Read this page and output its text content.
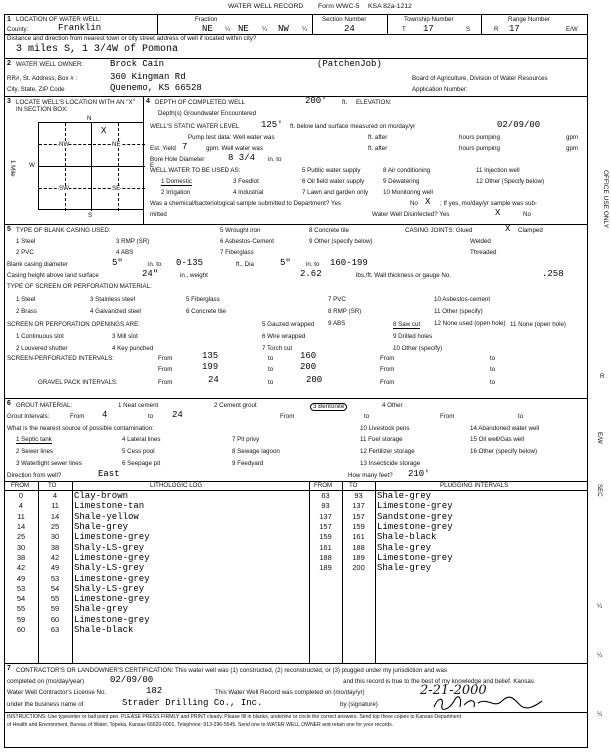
WATER WELL RECORD Form WWC-5 KSA 82a-1212
1 LOCATION OF WATER WELL:	Fraction	Section Number	Township Number	Range Number
County:	Franklin	NE ¼ NE ¼ NW ¼	24	T 17	S	R 17	E/W
Distance and direction from nearest town or city street address of well if located within city?
3 miles S, 1 3/4W of Pomona
2 WATER WELL OWNER:	Brock Cain	(PatchenJob)
RR#, St. Address, Box # :	360 Kingman Rd	Board of Agriculture, Division of Water Resources
City, State, ZIP Code	Quenemo, KS 66528	Application Number:
3 LOCATE WELL'S LOCATION WITH AN "X" IN SECTION BOX:
N
W	E
S
1 Mile
NW	NE
SW	SE
X
4 DEPTH OF COMPLETED WELL	200' ft. ELEVATION:
Depth(s) Groundwater Encountered
WELL'S STATIC WATER LEVEL 125' ft. below land surface measured on mo/day/yr	02/09/00
Pump test data: Well water was	ft. after	hours pumping	gpm
Est. Yield 7	gpm: Well water was	ft. after	hours pumping	gpm
Bore Hole Diameter	8 3/4 in. to
WELL WATER TO BE USED AS:	5 Public water supply	8 Air conditioning	11 Injection well
1 Domestic	3 Feedlot	6 Oil field water supply	9 Dewatering	12 Other (Specify below)
2 Irrigation	4 Industrial	7 Lawn and garden only 10 Monitoring well
Was a chemical/bacteriological sample submitted to Department? Yes	No X ; If yes, mo/day/yr sample was sub-
mitted	Water Well Disinfected? Yes	X	No
5 TYPE OF BLANK CASING USED:	5 Wrought iron	8 Concrete tile	CASING JOINTS: Glued	X Clamped
1 Steel	3 RMP (SR)	6 Asbestos-Cement	9 Other (specify below)	Welded
2 PVC	4 ABS	7 Fiberglass	Threaded
Blank casing diameter	5"	in. to 0-135	ft., Dia	5" in. to 160-199
Casing height above land surface	24"	in., weight	2.62	lbs./ft. Wall thickness or gauge No.	.258
TYPE OF SCREEN OR PERFORATION MATERIAL:
1 Steel	3 Stainless steel	5 Fiberglass	7 PVC	10 Asbestos-cement
2 Brass	4 Galvanized steel	6 Concrete tile	8 RMP (SR)	11 Other (specify)
9 ABS	12 None used (open hole)
SCREEN OR PERFORATION OPENINGS ARE:
1 Continuous slot	3 Mill slot
5 Gauzed wrapped	8 Saw cut	11 None (open hole)
2 Louvered shutter	4 Key punched
6 Wire wrapped	9 Drilled holes
7 Torch cut	10 Other (specify)
SCREEN-PERFORATED INTERVALS:	From	135	to	160	From	to
From	199	to	200	From	to
GRAVEL PACK INTERVALS:	From	24	to	200	From	to
6 GROUT MATERIAL:	1 Neat cement	2 Cement grout	3 Bentonite	4 Other
Grout Intervals:	From 4	to 24	From	to	From	to
What is the nearest source of possible contamination:
1 Septic tank	4 Lateral lines	7 Pit privy
10 Livestock pens	14 Abandoned water well
2 Sewer lines	5 Cess pool	8 Sewage lagoon
11 Fuel storage	15 Oil well/Gas well
3 Watertight sewer lines	6 Seepage pit	9 Feedyard
12 Fertilizer storage	16 Other (specify below)
13 Insecticide storage
Direction from well?	East	How many feet? 210'
FROM	TO	LITHOLOGIC LOG	FROM	TO	PLUGGING INTERVALS
0	4	Clay-brown
4	11	Limestone-tan
11	14	Shale-yellow
14	25	Shale-grey
25	30	Limestone-grey
30	38	Shaly-LS-grey
38	42	Limestone-grey
42	49	Shaly-LS-grey
49	53	Limestone-grey
53	54	Shaly-LS-grey
54	55	Limestone-grey
55	59	Shale-grey
59	60	Limestone-grey
60	63	Shale-black
63	93	Shale-grey
93	137	Limestone-grey
137	157	Sandstone-grey
157	159	Limestone-grey
159	161	Shale-black
161	188	Shale-grey
188	189	Limestone-grey
189	200	Shale-grey
7 CONTRACTOR'S OR LANDOWNER'S CERTIFICATION: This water well was (1) constructed, (2) reconstructed, or (3) plugged under my jurisdiction and was
completed on (mo/day/year)	02/09/00	and this record is true to the best of my knowledge and belief. Kansas
Water Well Contractor's License No.	182	This Water Well Record was completed on (mo/day/yr)	2-21-2000
under the business name of	Strader Drilling Co., Inc.	by (signature)
INSTRUCTIONS: Use typewriter or ball point pen. PLEASE PRESS FIRMLY and PRINT clearly. Please fill in blanks, underline or circle the correct answers. Send top three copies to Kansas Department
of Health and Environment, Bureau of Water, Topeka, Kansas 66620-0001. Telephone: 913-296-5545. Send one to WATER WELL OWNER and retain one for your records.
OFFICE USE ONLY
R
E/W
SEC
¼
¼
¼
